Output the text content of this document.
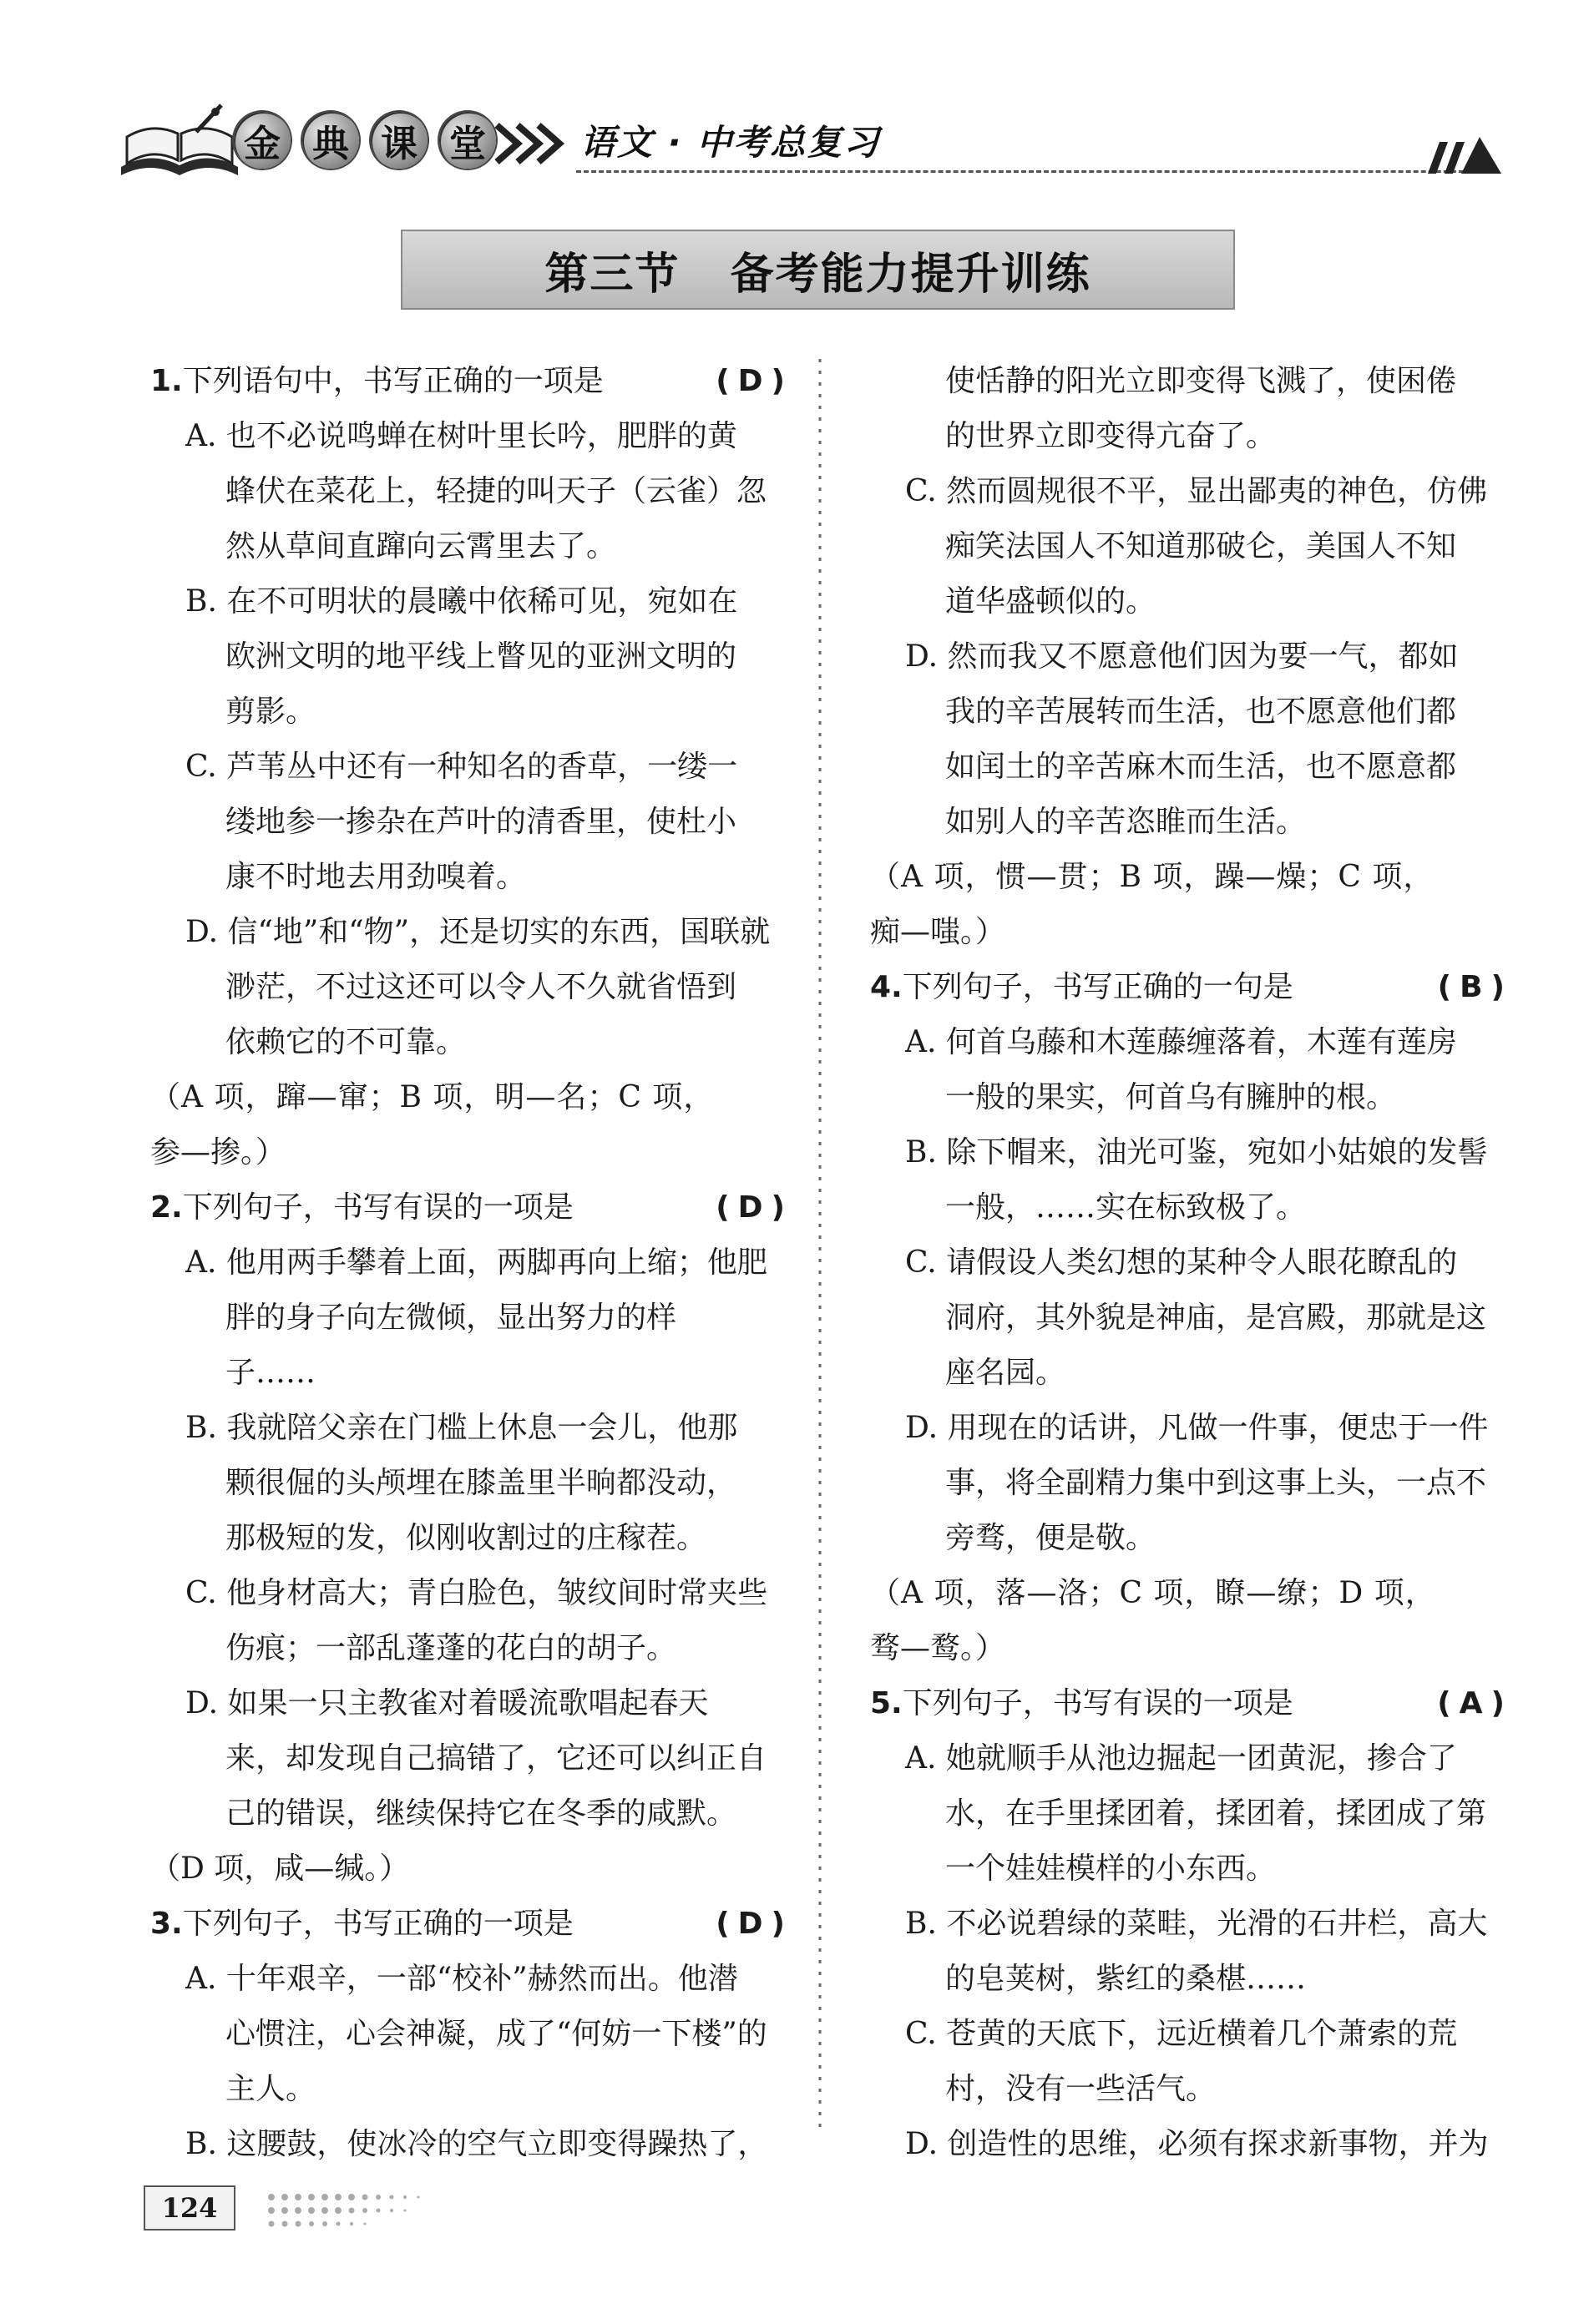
金 典 课 堂	语文 · 中考总复习
第三节   备考能力提升训练
1.下列语句中，书写正确的一项是	(D)
A. 也不必说鸣蝉在树叶里长吟，肥胖的黄
蜂伏在菜花上，轻捷的叫天子（云雀）忽
然从草间直蹿向云霄里去了。
B. 在不可明状的晨曦中依稀可见，宛如在
欧洲文明的地平线上瞥见的亚洲文明的
剪影。
C. 芦苇丛中还有一种知名的香草，一缕一
缕地参一掺杂在芦叶的清香里，使杜小
康不时地去用劲嗅着。
D. 信“地”和“物”，还是切实的东西，国联就
渺茫，不过这还可以令人不久就省悟到
依赖它的不可靠。
（A 项，蹿—窜；B 项，明—名；C 项，
参—掺。）
2.下列句子，书写有误的一项是	(D)
A. 他用两手攀着上面，两脚再向上缩；他肥
胖的身子向左微倾，显出努力的样
子……
B. 我就陪父亲在门槛上休息一会儿，他那
颗很倔的头颅埋在膝盖里半晌都没动，
那极短的发，似刚收割过的庄稼茬。
C. 他身材高大；青白脸色，皱纹间时常夹些
伤痕；一部乱蓬蓬的花白的胡子。
D. 如果一只主教雀对着暖流歌唱起春天
来，却发现自己搞错了，它还可以纠正自
己的错误，继续保持它在冬季的咸默。
（D 项，咸—缄。）
3.下列句子，书写正确的一项是	(D)
A. 十年艰辛，一部“校补”赫然而出。他潜
心惯注，心会神凝，成了“何妨一下楼”的
主人。
B. 这腰鼓，使冰冷的空气立即变得躁热了，
使恬静的阳光立即变得飞溅了，使困倦
的世界立即变得亢奋了。
C. 然而圆规很不平，显出鄙夷的神色，仿佛
痴笑法国人不知道那破仑，美国人不知
道华盛顿似的。
D. 然而我又不愿意他们因为要一气，都如
我的辛苦展转而生活，也不愿意他们都
如闰土的辛苦麻木而生活，也不愿意都
如别人的辛苦恣睢而生活。
（A 项，惯—贯；B 项，躁—燥；C 项，
痴—嗤。）
4.下列句子，书写正确的一句是	(B)
A. 何首乌藤和木莲藤缠落着，木莲有莲房
一般的果实，何首乌有臃肿的根。
B. 除下帽来，油光可鉴，宛如小姑娘的发髻
一般，……实在标致极了。
C. 请假设人类幻想的某种令人眼花瞭乱的
洞府，其外貌是神庙，是宫殿，那就是这
座名园。
D. 用现在的话讲，凡做一件事，便忠于一件
事，将全副精力集中到这事上头，一点不
旁骛，便是敬。
（A 项，落—洛；C 项，瞭—缭；D 项，
骛—鹜。）
5.下列句子，书写有误的一项是	(A)
A. 她就顺手从池边掘起一团黄泥，掺合了
水，在手里揉团着，揉团着，揉团成了第
一个娃娃模样的小东西。
B. 不必说碧绿的菜畦，光滑的石井栏，高大
的皂荚树，紫红的桑椹……
C. 苍黄的天底下，远近横着几个萧索的荒
村，没有一些活气。
D. 创造性的思维，必须有探求新事物，并为
124
